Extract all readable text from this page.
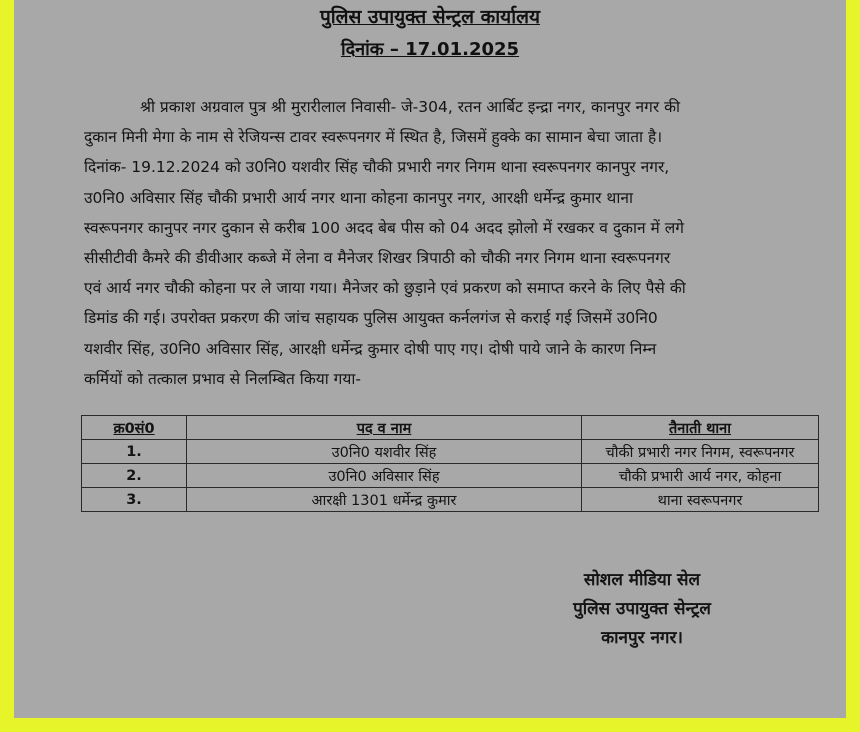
पुलिस उपायुक्त सेन्ट्रल कार्यालय
दिनांक – 17.01.2025
श्री प्रकाश अग्रवाल पुत्र श्री मुरारीलाल निवासी- जे-304, रतन आर्बिट इन्द्रा नगर, कानपुर नगर की
दुकान मिनी मेगा के नाम से रेजियन्स टावर स्वरूपनगर में स्थित है, जिसमें हुक्के का सामान बेचा जाता है।
दिनांक- 19.12.2024 को उ0नि0 यशवीर सिंह चौकी प्रभारी नगर निगम थाना स्वरूपनगर कानपुर नगर,
उ0नि0 अविसार सिंह चौकी प्रभारी आर्य नगर थाना कोहना कानपुर नगर, आरक्षी धर्मेन्द्र कुमार थाना
स्वरूपनगर कानुपर नगर दुकान से करीब 100 अदद बेब पीस को 04 अदद झोलो में रखकर व दुकान में लगे
सीसीटीवी कैमरे की डीवीआर कब्जे में लेना व मैनेजर शिखर त्रिपाठी को चौकी नगर निगम थाना स्वरूपनगर
एवं आर्य नगर चौकी कोहना पर ले जाया गया। मैनेजर को छुड़ाने एवं प्रकरण को समाप्त करने के लिए पैसे की
डिमांड की गई। उपरोक्त प्रकरण की जांच सहायक पुलिस आयुक्त कर्नलगंज से कराई गई जिसमें उ0नि0
यशवीर सिंह, उ0नि0 अविसार सिंह, आरक्षी धर्मेन्द्र कुमार दोषी पाए गए। दोषी पाये जाने के कारण निम्न
कर्मियों को तत्काल प्रभाव से निलम्बित किया गया-
क्र0सं0	पद व नाम	तैनाती थाना
1.	उ0नि0 यशवीर सिंह	चौकी प्रभारी नगर निगम, स्वरूपनगर
2.	उ0नि0 अविसार सिंह	चौकी प्रभारी आर्य नगर, कोहना
3.	आरक्षी 1301 धर्मेन्द्र कुमार	थाना स्वरूपनगर
सोशल मीडिया सेल
पुलिस उपायुक्त सेन्ट्रल
कानपुर नगर।
